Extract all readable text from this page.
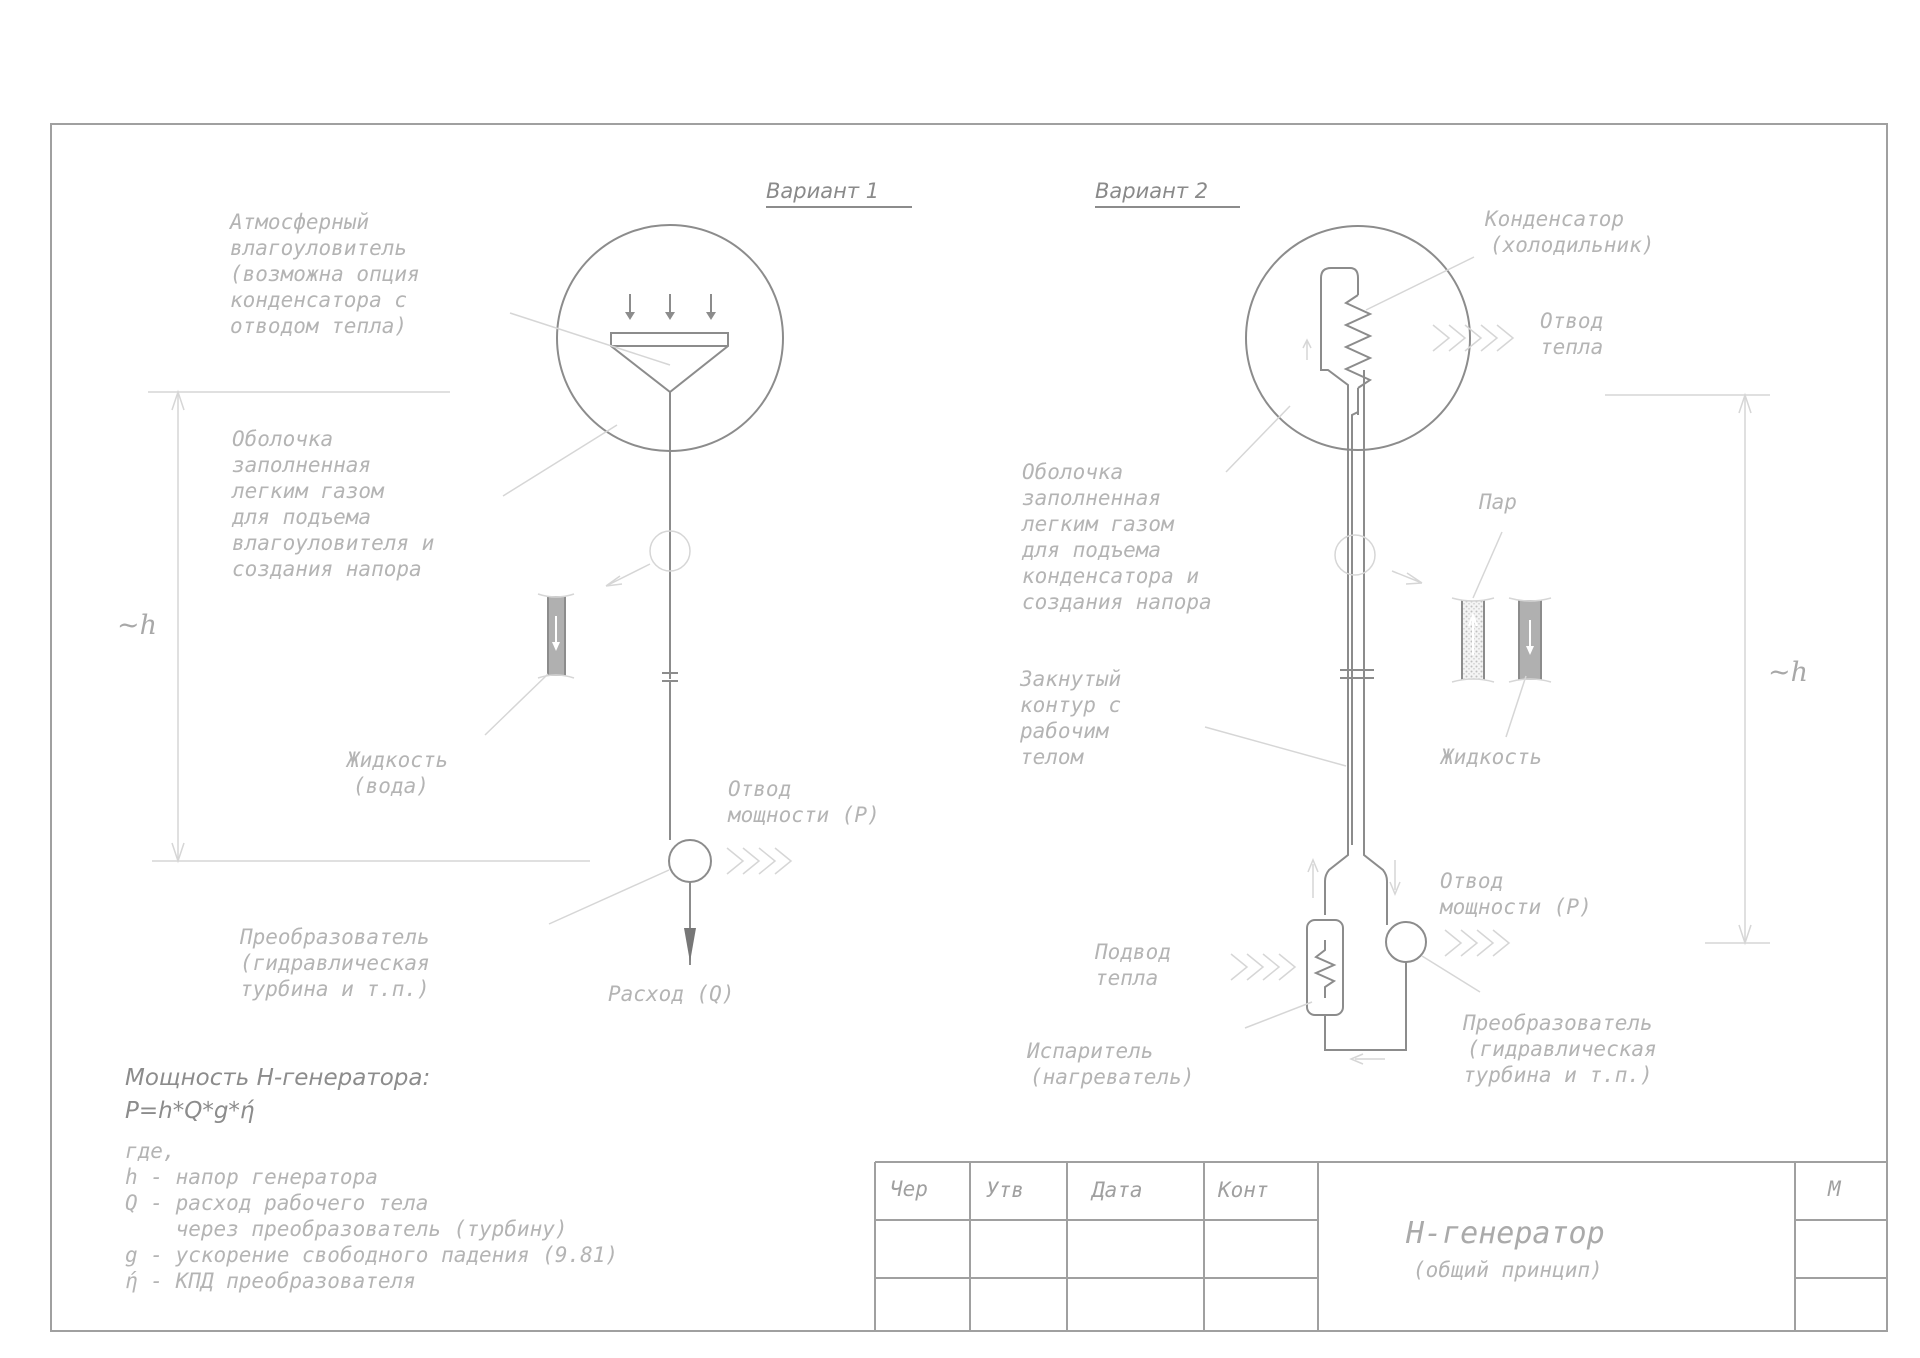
Вариант 1	Вариант 2
~h
Атмосферный
влагоуловитель
(возможна опция
конденсатора с
отводом тепла)
Оболочка
заполненная
легким газом
для подъема
влагоуловителя и
создания напора
Жидкость
(вода)	Отвод
мощности (P)
Преобразователь
(гидравлическая
турбина и т.п.)	Расход (Q)
~h
Конденсатор
(холодильник)
Отвод
тепла
Оболочка
заполненная
легким газом
для подъема
конденсатора и
создания напора
Пар
Закнутый
контур с
рабочим
телом	Жидкость
Отвод
мощности (P)
Подвод
тепла
Испаритель
(нагреватель)
Преобразователь
(гидравлическая
турбина и т.п.)
Мощность H-генератора:
P=h*Q*g*ή
где,
h - напор генератора
Q - расход рабочего тела
через преобразователь (турбину)
g - ускорение свободного падения (9.81)
ή - КПД преобразователя
Чер	Утв	Дата	Конт
H-генератор
(общий принцип)
М
